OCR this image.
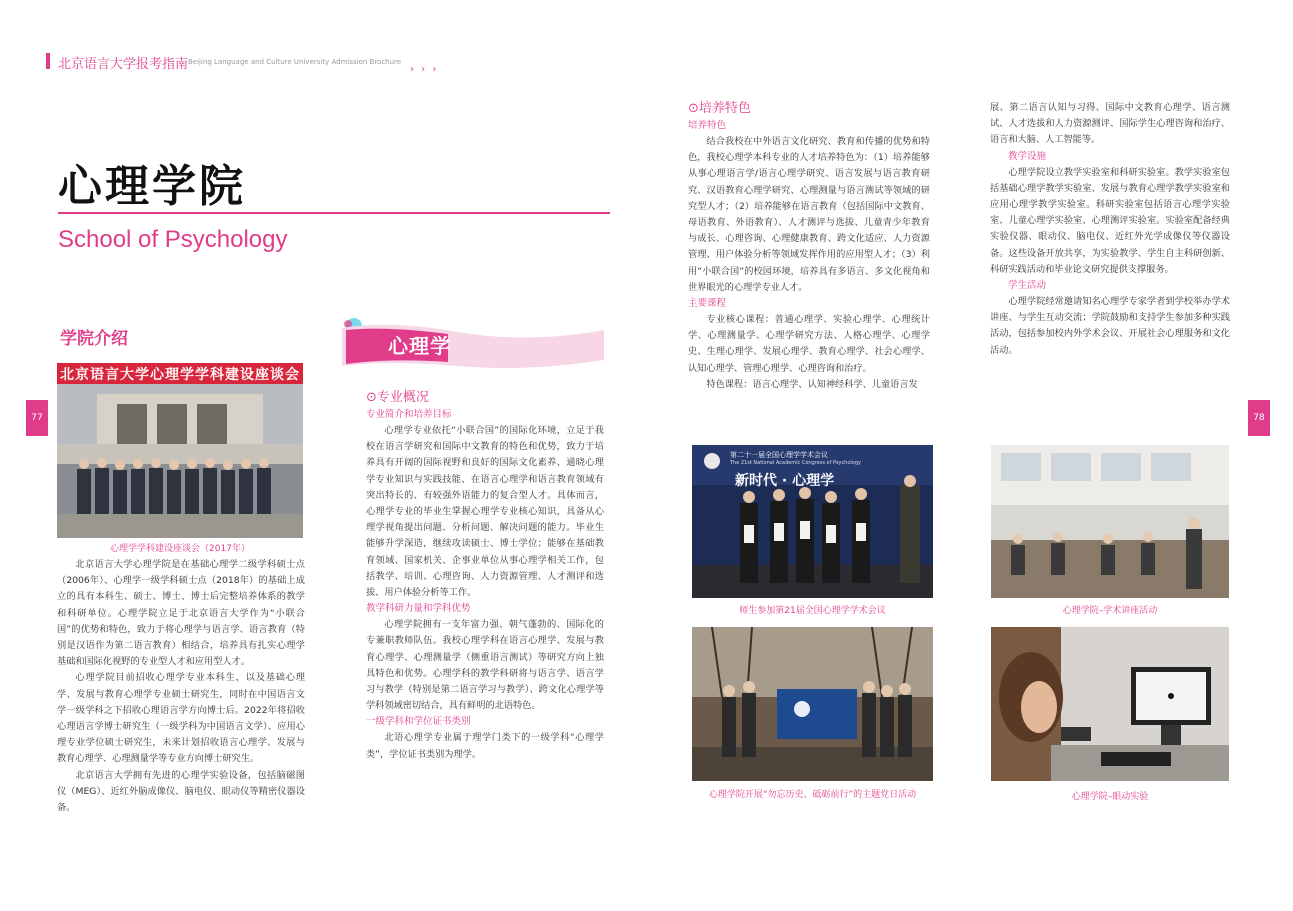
北京语言大学报考指南 Beijing Language and Culture University Admission Brochure
› › ›
心理学院
School of Psychology
77	78
学院介绍
北京语言大学心理学学科建设座谈会
心理学学科建设座谈会（2017年）
北京语言大学心理学院是在基础心理学二级学科硕士点（2006年）、心理学一级学科硕士点（2018年）的基础上成立的具有本科生、硕士、博士、博士后完整培养体系的教学和科研单位。心理学院立足于北京语言大学作为“小联合国”的优势和特色，致力于将心理学与语言学、语言教育（特别是汉语作为第二语言教育）相结合，培养具有扎实心理学基础和国际化视野的专业型人才和应用型人才。
心理学院目前招收心理学专业本科生，以及基础心理学、发展与教育心理学专业硕士研究生，同时在中国语言文学一级学科之下招收心理语言学方向博士后。2022年将招收心理语言学博士研究生（一级学科为中国语言文学）、应用心理专业学位硕士研究生，未来计划招收语言心理学、发展与教育心理学、心理测量学等专业方向博士研究生。
北京语言大学拥有先进的心理学实验设备，包括脑磁图仪（MEG）、近红外脑成像仪、脑电仪、眼动仪等精密仪器设备。
心理学
⊙专业概况
专业简介和培养目标
心理学专业依托“小联合国”的国际化环境，立足于我校在语言学研究和国际中文教育的特色和优势，致力于培养具有开阔的国际视野和良好的国际文化素养、通晓心理学专业知识与实践技能、在语言心理学和语言教育领域有突出特长的、有较强外语能力的复合型人才。具体而言，心理学专业的毕业生掌握心理学专业核心知识，具备从心理学视角提出问题、分析问题、解决问题的能力。毕业生能够升学深造，继续攻读硕士、博士学位；能够在基础教育领域、国家机关、企事业单位从事心理学相关工作，包括教学、培训、心理咨询、人力资源管理、人才测评和选拔、用户体验分析等工作。
教学科研力量和学科优势
心理学院拥有一支年富力强、朝气蓬勃的、国际化的专兼职教师队伍。我校心理学科在语言心理学、发展与教育心理学、心理测量学（侧重语言测试）等研究方向上独具特色和优势。心理学科的教学科研将与语言学、语言学习与教学（特别是第二语言学习与教学）、跨文化心理学等学科领域密切结合，具有鲜明的北语特色。
一级学科和学位证书类别
北语心理学专业属于理学门类下的一级学科“心理学类”，学位证书类别为理学。
⊙培养特色
培养特色
结合我校在中外语言文化研究、教育和传播的优势和特色，我校心理学本科专业的人才培养特色为：（1）培养能够从事心理语言学/语言心理学研究、语言发展与语言教育研究、汉语教育心理学研究、心理测量与语言测试等领域的研究型人才；（2）培养能够在语言教育（包括国际中文教育、母语教育、外语教育）、人才测评与选拔、儿童青少年教育与成长、心理咨询、心理健康教育、跨文化适应、人力资源管理、用户体验分析等领域发挥作用的应用型人才；（3）利用“小联合国”的校园环境，培养具有多语言、多文化视角和世界眼光的心理学专业人才。
主要课程
专业核心课程：普通心理学、实验心理学、心理统计学、心理测量学、心理学研究方法、人格心理学、心理学史、生理心理学、发展心理学、教育心理学、社会心理学、认知心理学、管理心理学、心理咨询和治疗。
特色课程：语言心理学、认知神经科学、儿童语言发
展、第二语言认知与习得、国际中文教育心理学、语言测试、人才选拔和人力资源测评、国际学生心理咨询和治疗、语言和大脑、人工智能等。
教学设施
心理学院设立教学实验室和科研实验室。教学实验室包括基础心理学教学实验室、发展与教育心理学教学实验室和应用心理学教学实验室。科研实验室包括语言心理学实验室、儿童心理学实验室、心理测评实验室。实验室配备经典实验仪器、眼动仪、脑电仪、近红外光学成像仪等仪器设备。这些设备开放共享，为实验教学、学生自主科研创新、科研实践活动和毕业论文研究提供支撑服务。
学生活动
心理学院经常邀请知名心理学专家学者到学校举办学术讲座、与学生互动交流；学院鼓励和支持学生参加多种实践活动，包括参加校内外学术会议、开展社会心理服务和文化活动。
第二十一届全国心理学学术会议
The 21st National Academic Congress of Psychology
新时代 · 心理学
师生参加第21届全国心理学学术会议	心理学院–学术讲座活动
心理学院开展“勿忘历史、砥砺前行”的主题党日活动	心理学院–眼动实验
